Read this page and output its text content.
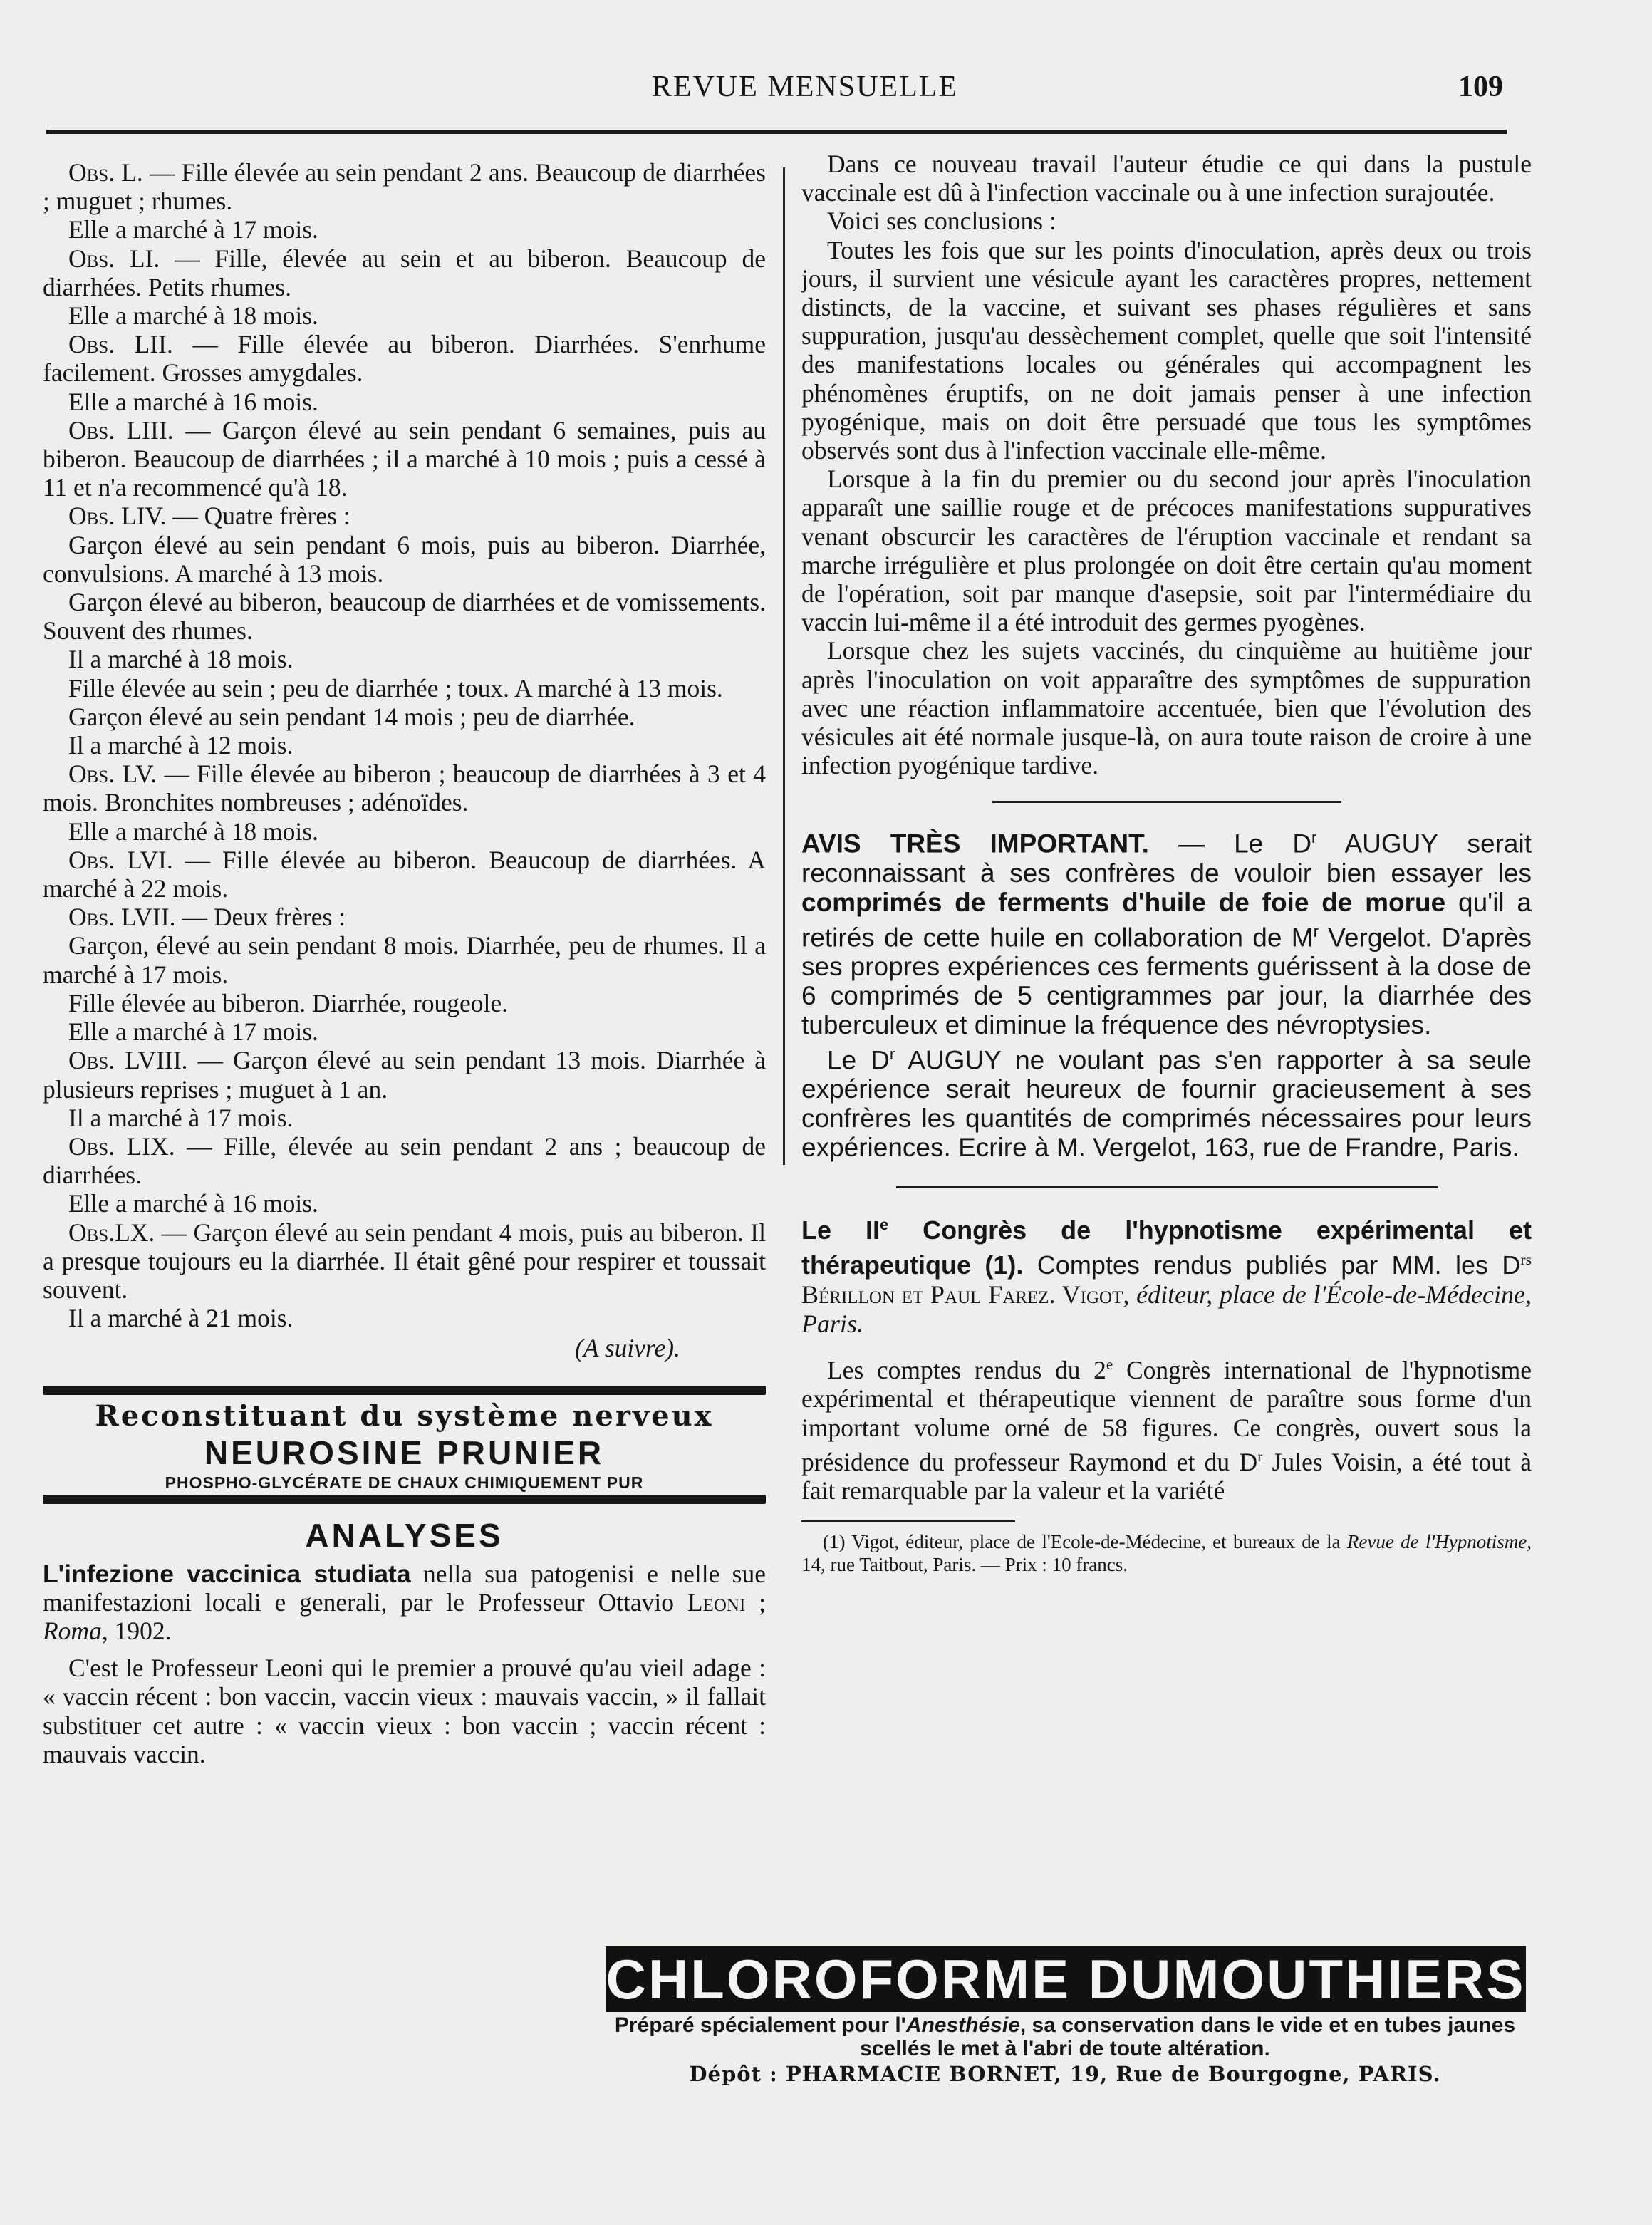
REVUE MENSUELLE	109

Obs. L. — Fille élevée au sein pendant 2 ans. Beaucoup de diarrhées ; muguet ; rhumes.

Elle a marché à 17 mois.

Obs. LI. — Fille, élevée au sein et au biberon. Beaucoup de diarrhées. Petits rhumes.

Elle a marché à 18 mois.

Obs. LII. — Fille élevée au biberon. Diarrhées. S'enrhume facilement. Grosses amygdales.

Elle a marché à 16 mois.

Obs. LIII. — Garçon élevé au sein pendant 6 semaines, puis au biberon. Beaucoup de diarrhées ; il a marché à 10 mois ; puis a cessé à 11 et n'a recommencé qu'à 18.

Obs. LIV. — Quatre frères :

Garçon élevé au sein pendant 6 mois, puis au biberon. Diarrhée, convulsions. A marché à 13 mois.

Garçon élevé au biberon, beaucoup de diarrhées et de vomissements. Souvent des rhumes.

Il a marché à 18 mois.

Fille élevée au sein ; peu de diarrhée ; toux. A marché à 13 mois.

Garçon élevé au sein pendant 14 mois ; peu de diarrhée.

Il a marché à 12 mois.

Obs. LV. — Fille élevée au biberon ; beaucoup de diarrhées à 3 et 4 mois. Bronchites nombreuses ; adénoïdes.

Elle a marché à 18 mois.

Obs. LVI. — Fille élevée au biberon. Beaucoup de diarrhées. A marché à 22 mois.

Obs. LVII. — Deux frères :

Garçon, élevé au sein pendant 8 mois. Diarrhée, peu de rhumes. Il a marché à 17 mois.

Fille élevée au biberon. Diarrhée, rougeole.

Elle a marché à 17 mois.

Obs. LVIII. — Garçon élevé au sein pendant 13 mois. Diarrhée à plusieurs reprises ; muguet à 1 an.

Il a marché à 17 mois.

Obs. LIX. — Fille, élevée au sein pendant 2 ans ; beaucoup de diarrhées.

Elle a marché à 16 mois.

Obs.LX. — Garçon élevé au sein pendant 4 mois, puis au biberon. Il a presque toujours eu la diarrhée. Il était gêné pour respirer et toussait souvent.

Il a marché à 21 mois.

(A suivre).

Reconstituant du système nerveux

NEUROSINE PRUNIER

PHOSPHO-GLYCÉRATE DE CHAUX CHIMIQUEMENT PUR

ANALYSES

L'infezione vaccinica studiata nella sua patogenisi e nelle sue manifestazioni locali e generali, par le Professeur Ottavio Leoni ; Roma, 1902.

C'est le Professeur Leoni qui le premier a prouvé qu'au vieil adage : « vaccin récent : bon vaccin, vaccin vieux : mauvais vaccin, » il fallait substituer cet autre : « vaccin vieux : bon vaccin ; vaccin récent : mauvais vaccin.

Dans ce nouveau travail l'auteur étudie ce qui dans la pustule vaccinale est dû à l'infection vaccinale ou à une infection surajoutée.

Voici ses conclusions :

Toutes les fois que sur les points d'inoculation, après deux ou trois jours, il survient une vésicule ayant les caractères propres, nettement distincts, de la vaccine, et suivant ses phases régulières et sans suppuration, jusqu'au dessèchement complet, quelle que soit l'intensité des manifestations locales ou générales qui accompagnent les phénomènes éruptifs, on ne doit jamais penser à une infection pyogénique, mais on doit être persuadé que tous les symptômes observés sont dus à l'infection vaccinale elle-même.

Lorsque à la fin du premier ou du second jour après l'inoculation apparaît une saillie rouge et de précoces manifestations suppuratives venant obscurcir les caractères de l'éruption vaccinale et rendant sa marche irrégulière et plus prolongée on doit être certain qu'au moment de l'opération, soit par manque d'asepsie, soit par l'intermédiaire du vaccin lui-même il a été introduit des germes pyogènes.

Lorsque chez les sujets vaccinés, du cinquième au huitième jour après l'inoculation on voit apparaître des symptômes de suppuration avec une réaction inflammatoire accentuée, bien que l'évolution des vésicules ait été normale jusque-là, on aura toute raison de croire à une infection pyogénique tardive.

AVIS TRÈS IMPORTANT. — Le $D^r$ AUGUY serait reconnaissant à ses confrères de vouloir bien essayer les comprimés de ferments d'huile de foie de morue qu'il a retirés de cette huile en collaboration de $M^r$ Vergelot. D'après ses propres expériences ces ferments guérissent à la dose de 6 comprimés de 5 centigrammes par jour, la diarrhée des tuberculeux et diminue la fréquence des névroptysies.

Le $D^r$ AUGUY ne voulant pas s'en rapporter à sa seule expérience serait heureux de fournir gracieusement à ses confrères les quantités de comprimés nécessaires pour leurs expériences. Ecrire à M. Vergelot, 163, rue de Frandre, Paris.

Le IIe Congrès de l'hypnotisme expérimental et thérapeutique (1). Comptes rendus publiés par MM. les $D^{rs}$ Bérillon et Paul Farez. Vigot, éditeur, place de l'École-de-Médecine, Paris.

Les comptes rendus du 2e Congrès international de l'hypnotisme expérimental et thérapeutique viennent de paraître sous forme d'un important volume orné de 58 figures. Ce congrès, ouvert sous la présidence du professeur Raymond et du $D^r$ Jules Voisin, a été tout à fait remarquable par la valeur et la variété

(1) Vigot, éditeur, place de l'Ecole-de-Médecine, et bureaux de la Revue de l'Hypnotisme, 14, rue Taitbout, Paris. — Prix : 10 francs.

CHLOROFORME DUMOUTHIERS
Préparé spécialement pour l'Anesthésie, sa conservation dans le vide et en tubes jaunes scellés le met à l'abri de toute altération.
Dépôt : PHARMACIE BORNET, 19, Rue de Bourgogne, PARIS.
